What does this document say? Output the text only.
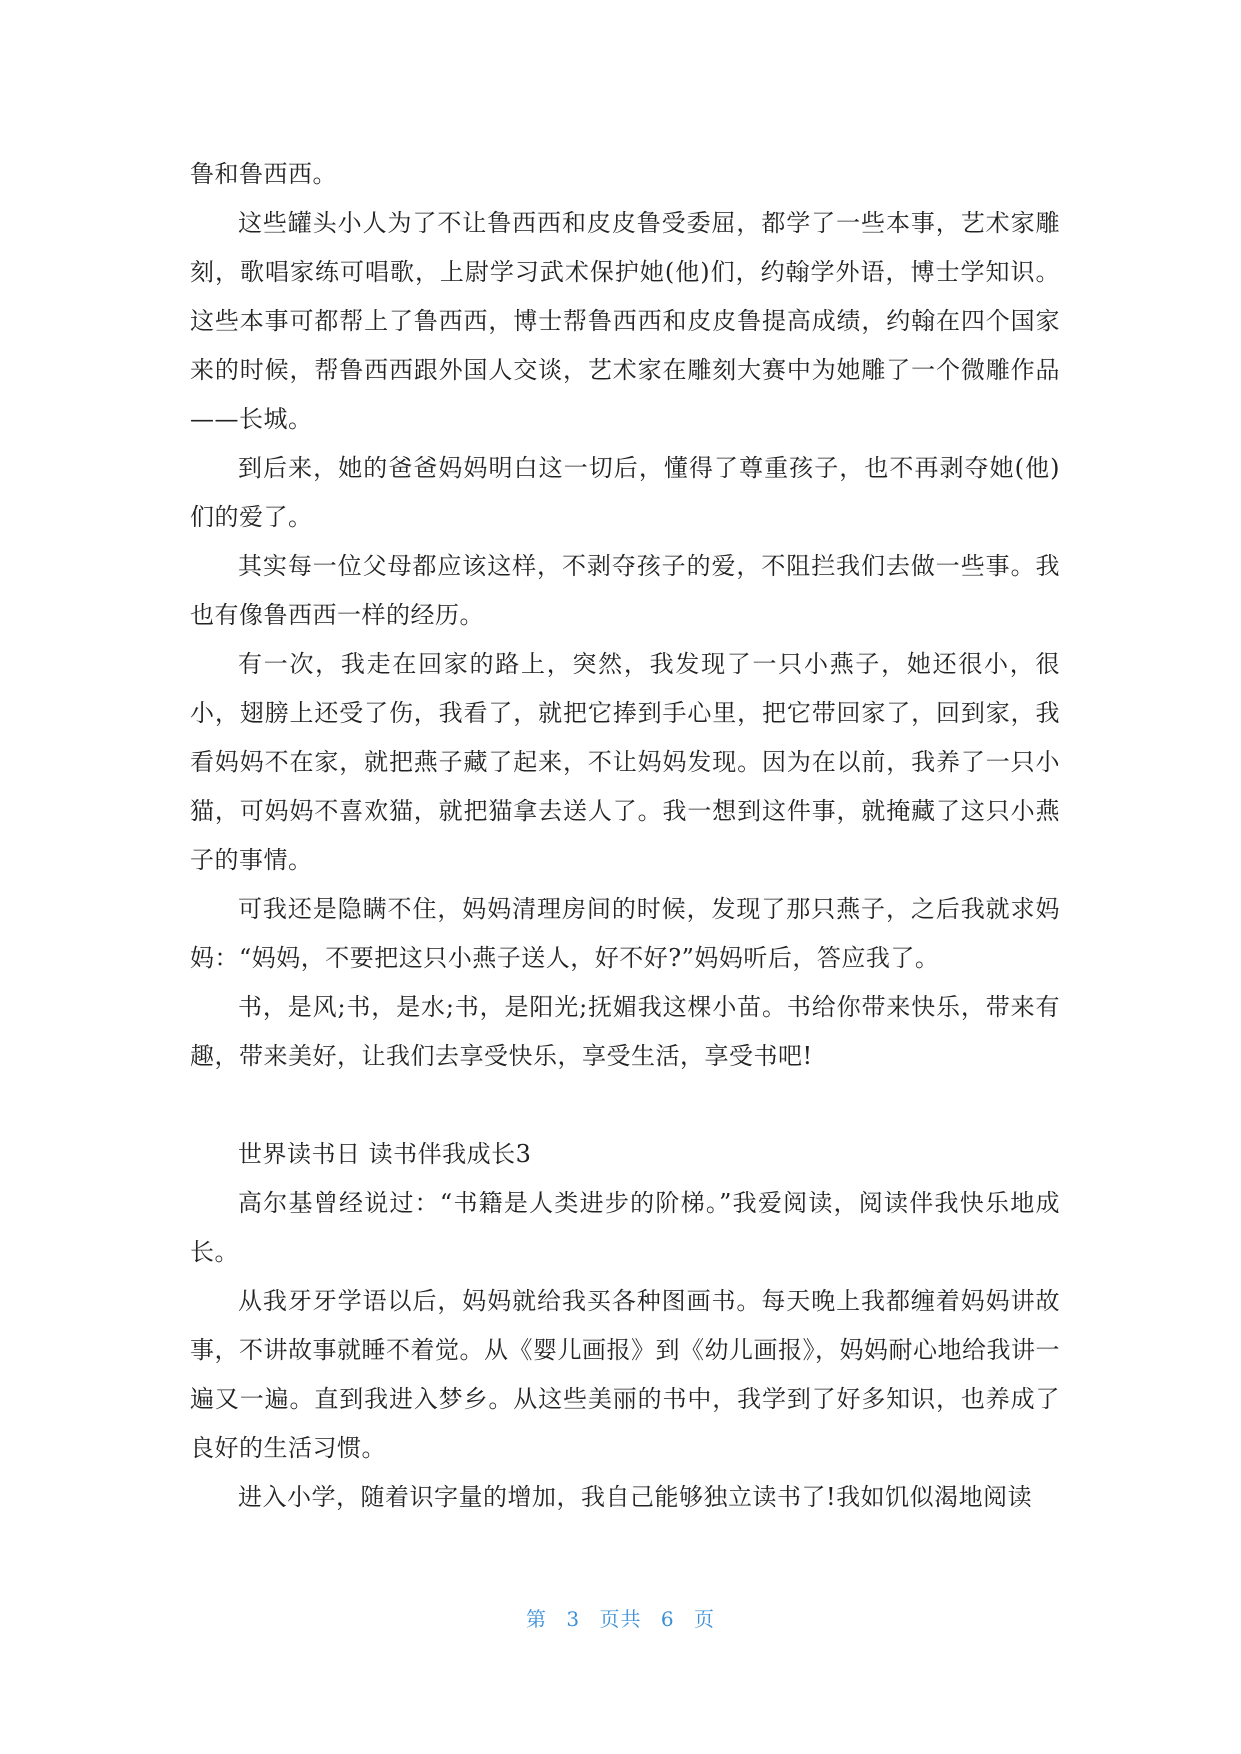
鲁和鲁西西。

这些罐头小人为了不让鲁西西和皮皮鲁受委屈，都学了一些本事，艺术家雕刻，歌唱家练可唱歌，上尉学习武术保护她(他)们，约翰学外语，博士学知识。这些本事可都帮上了鲁西西，博士帮鲁西西和皮皮鲁提高成绩，约翰在四个国家来的时候，帮鲁西西跟外国人交谈，艺术家在雕刻大赛中为她雕了一个微雕作品——长城。

到后来，她的爸爸妈妈明白这一切后，懂得了尊重孩子，也不再剥夺她(他)们的爱了。

其实每一位父母都应该这样，不剥夺孩子的爱，不阻拦我们去做一些事。我也有像鲁西西一样的经历。

有一次，我走在回家的路上，突然，我发现了一只小燕子，她还很小，很小，翅膀上还受了伤，我看了，就把它捧到手心里，把它带回家了，回到家，我看妈妈不在家，就把燕子藏了起来，不让妈妈发现。因为在以前，我养了一只小猫，可妈妈不喜欢猫，就把猫拿去送人了。我一想到这件事，就掩藏了这只小燕子的事情。

可我还是隐瞒不住，妈妈清理房间的时候，发现了那只燕子，之后我就求妈妈：“妈妈，不要把这只小燕子送人，好不好?”妈妈听后，答应我了。

书，是风;书，是水;书，是阳光;抚媚我这棵小苗。书给你带来快乐，带来有趣，带来美好，让我们去享受快乐，享受生活，享受书吧!

世界读书日 读书伴我成长3

高尔基曾经说过：“书籍是人类进步的阶梯。”我爱阅读，阅读伴我快乐地成长。

从我牙牙学语以后，妈妈就给我买各种图画书。每天晚上我都缠着妈妈讲故事，不讲故事就睡不着觉。从《婴儿画报》到《幼儿画报》，妈妈耐心地给我讲一遍又一遍。直到我进入梦乡。从这些美丽的书中，我学到了好多知识，也养成了良好的生活习惯。

进入小学，随着识字量的增加，我自己能够独立读书了!我如饥似渴地阅读

第 3 页共 6 页
